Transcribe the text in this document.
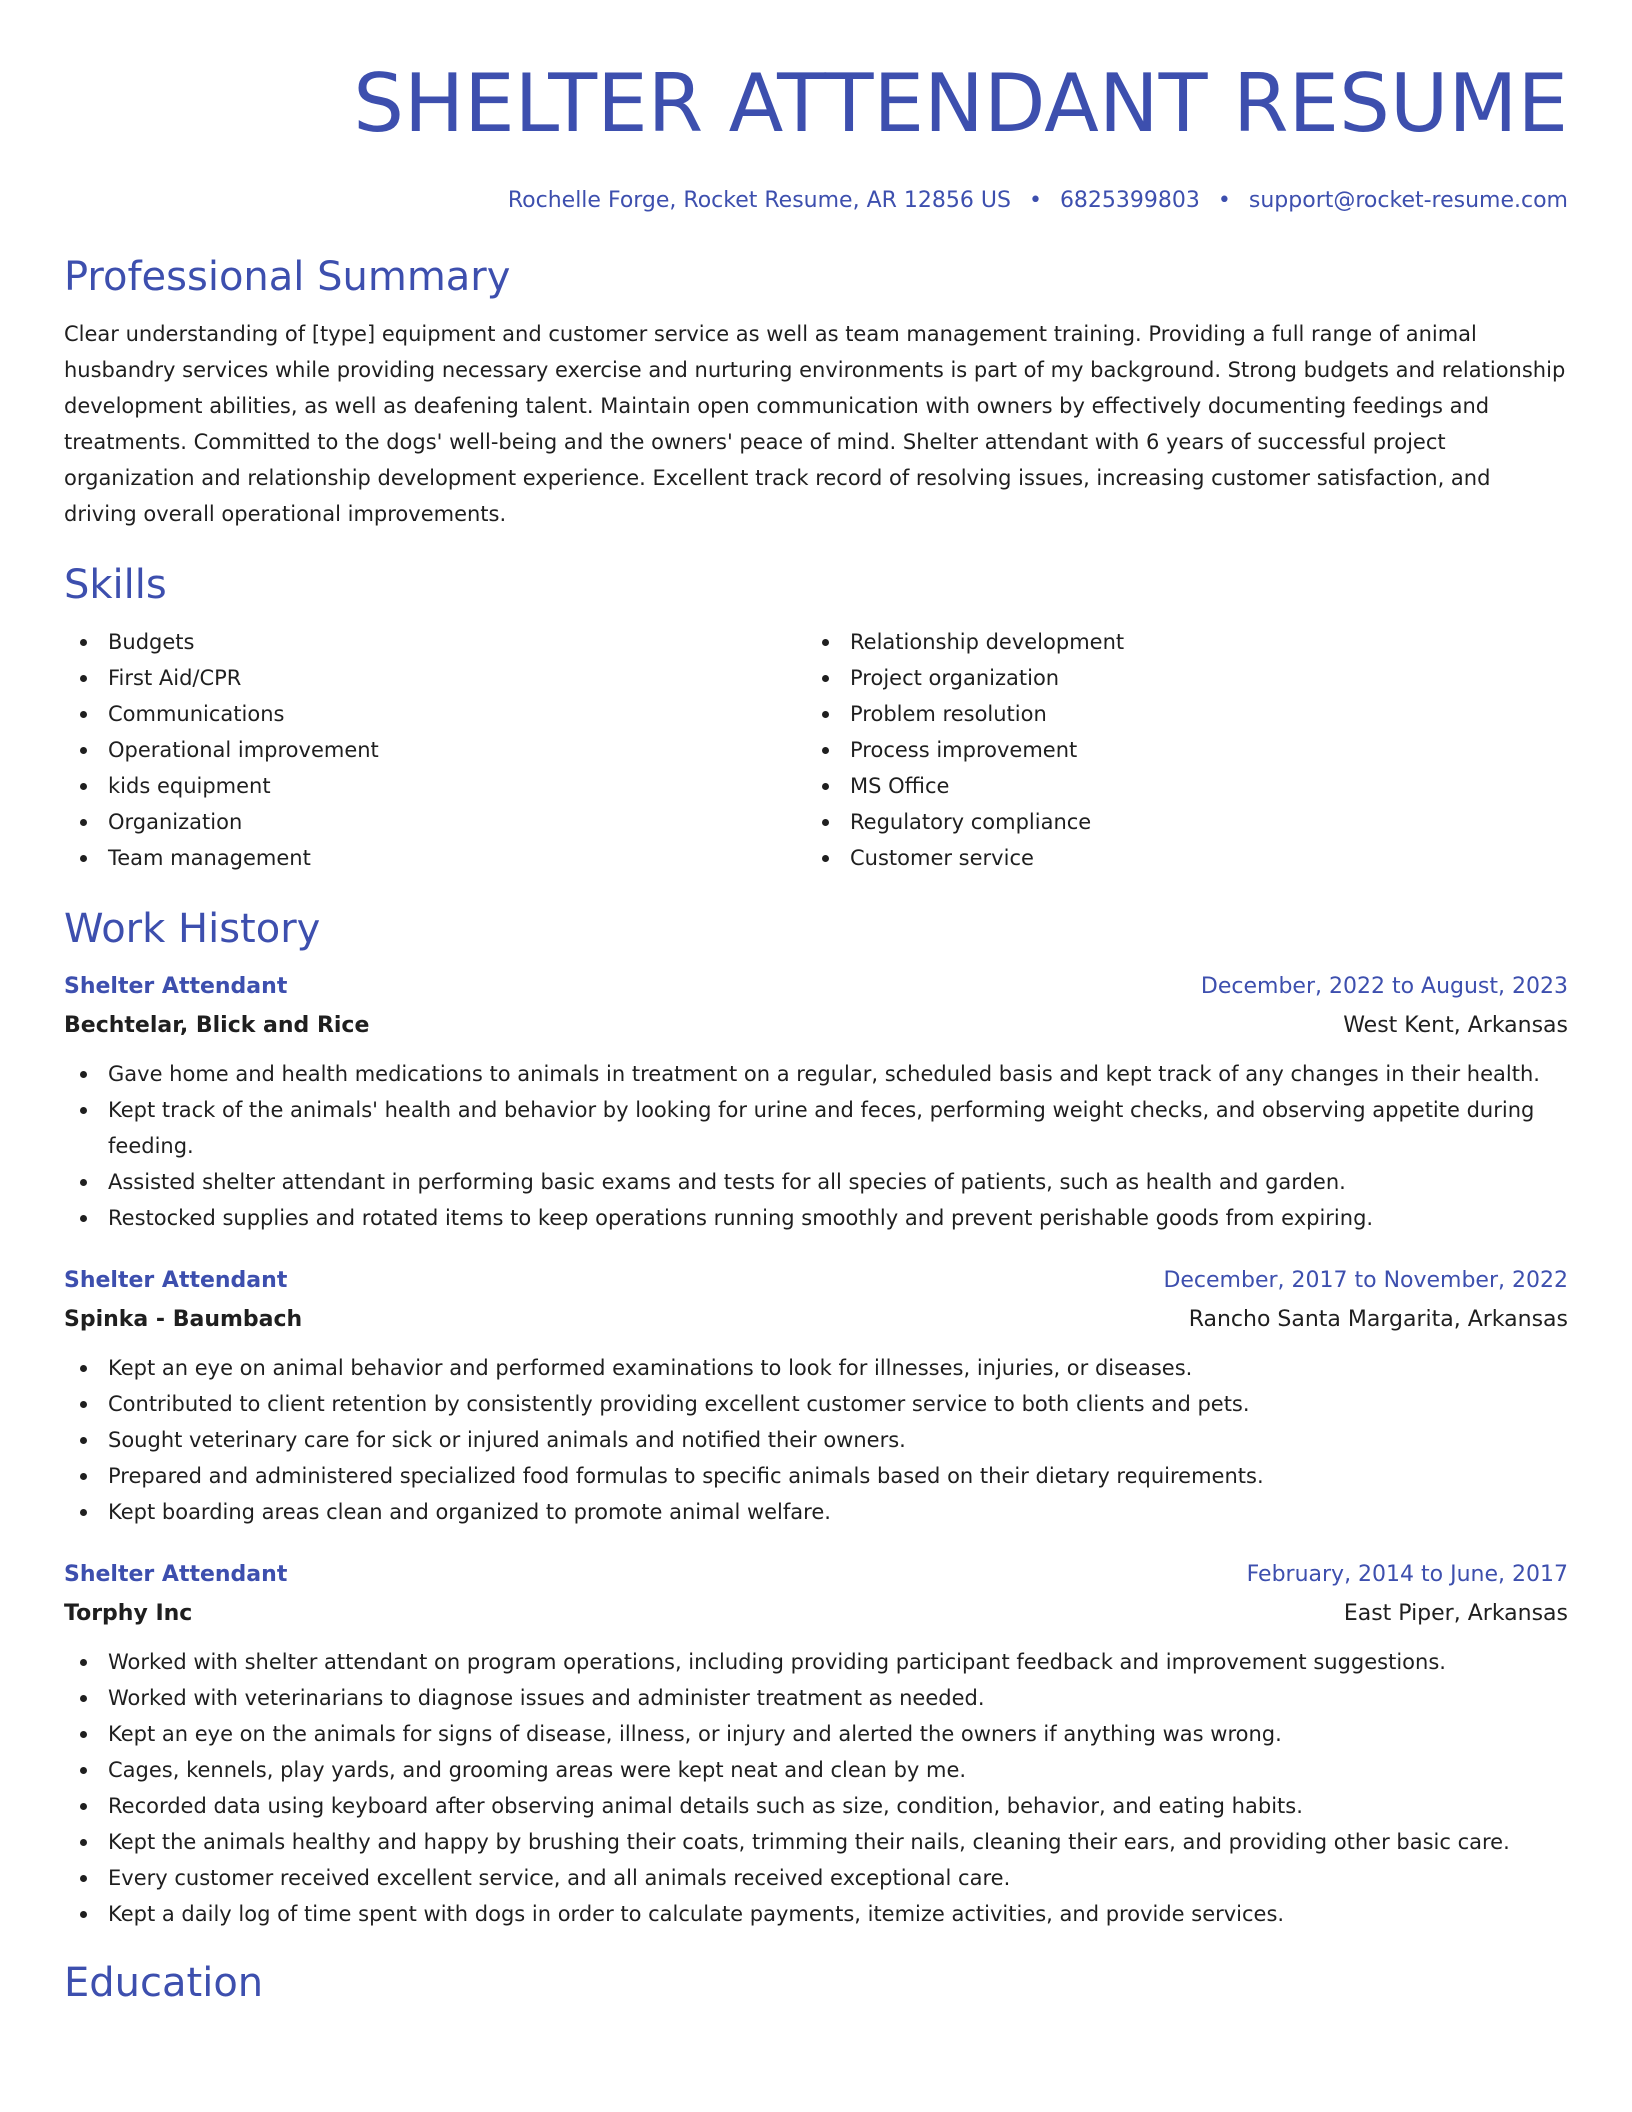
SHELTER ATTENDANT RESUME
Rochelle Forge, Rocket Resume, AR 12856 US • 6825399803 • support@rocket-resume.com
Professional Summary

Clear understanding of [type] equipment and customer service as well as team management training. Providing a full range of animal husbandry services while providing necessary exercise and nurturing environments is part of my background. Strong budgets and relationship development abilities, as well as deafening talent. Maintain open communication with owners by effectively documenting feedings and treatments. Committed to the dogs' well-being and the owners' peace of mind. Shelter attendant with 6 years of successful project organization and relationship development experience. Excellent track record of resolving issues, increasing customer satisfaction, and driving overall operational improvements.

Skills
Budgets
First Aid/CPR
Communications
Operational improvement
kids equipment
Organization
Team management
Relationship development
Project organization
Problem resolution
Process improvement
MS Office
Regulatory compliance
Customer service
Work History
Shelter Attendant	December, 2022 to August, 2023
Bechtelar, Blick and Rice	West Kent, Arkansas
Gave home and health medications to animals in treatment on a regular, scheduled basis and kept track of any changes in their health.
Kept track of the animals' health and behavior by looking for urine and feces, performing weight checks, and observing appetite during feeding.
Assisted shelter attendant in performing basic exams and tests for all species of patients, such as health and garden.
Restocked supplies and rotated items to keep operations running smoothly and prevent perishable goods from expiring.
Shelter Attendant	December, 2017 to November, 2022
Spinka - Baumbach	Rancho Santa Margarita, Arkansas
Kept an eye on animal behavior and performed examinations to look for illnesses, injuries, or diseases.
Contributed to client retention by consistently providing excellent customer service to both clients and pets.
Sought veterinary care for sick or injured animals and notified their owners.
Prepared and administered specialized food formulas to specific animals based on their dietary requirements.
Kept boarding areas clean and organized to promote animal welfare.
Shelter Attendant	February, 2014 to June, 2017
Torphy Inc	East Piper, Arkansas
Worked with shelter attendant on program operations, including providing participant feedback and improvement suggestions.
Worked with veterinarians to diagnose issues and administer treatment as needed.
Kept an eye on the animals for signs of disease, illness, or injury and alerted the owners if anything was wrong.
Cages, kennels, play yards, and grooming areas were kept neat and clean by me.
Recorded data using keyboard after observing animal details such as size, condition, behavior, and eating habits.
Kept the animals healthy and happy by brushing their coats, trimming their nails, cleaning their ears, and providing other basic care.
Every customer received excellent service, and all animals received exceptional care.
Kept a daily log of time spent with dogs in order to calculate payments, itemize activities, and provide services.
Education
